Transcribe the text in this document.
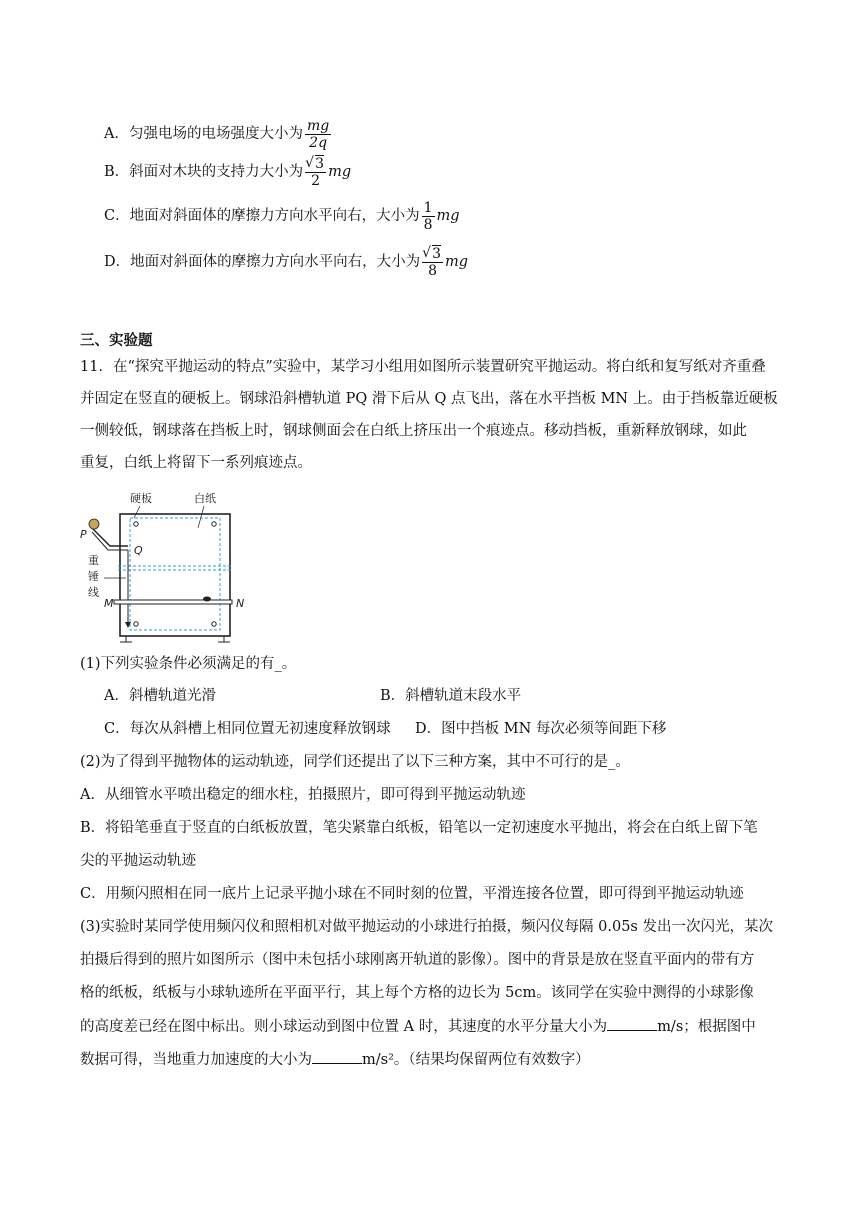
A．匀强电场的电场强度大小为 $\frac{mg}{2q}$
B．斜面对木块的支持力大小为 √ $\frac{3}{2}$ mg
C．地面对斜面体的摩擦力方向水平向右，大小为 $\frac{1}{8}$ mg
D．地面对斜面体的摩擦力方向水平向右，大小为 √ $\frac{3}{8}$ mg
三、实验题
11．在“探究平抛运动的特点”实验中，某学习小组用如图所示装置研究平抛运动。将白纸和复写纸对齐重叠
并固定在竖直的硬板上。钢球沿斜槽轨道 PQ 滑下后从 Q 点飞出，落在水平挡板 MN 上。由于挡板靠近硬板
一侧较低，钢球落在挡板上时，钢球侧面会在白纸上挤压出一个痕迹点。移动挡板，重新释放钢球，如此
重复，白纸上将留下一系列痕迹点。
硬板	白纸
P
Q
重
锤
线
M	N
(1)下列实验条件必须满足的有_。
A．斜槽轨道光滑	B．斜槽轨道末段水平
C．每次从斜槽上相同位置无初速度释放钢球 D．图中挡板 MN 每次必须等间距下移
(2)为了得到平抛物体的运动轨迹，同学们还提出了以下三种方案，其中不可行的是_。
A．从细管水平喷出稳定的细水柱，拍摄照片，即可得到平抛运动轨迹
B．将铅笔垂直于竖直的白纸板放置，笔尖紧靠白纸板，铅笔以一定初速度水平抛出，将会在白纸上留下笔
尖的平抛运动轨迹
C．用频闪照相在同一底片上记录平抛小球在不同时刻的位置，平滑连接各位置，即可得到平抛运动轨迹
(3)实验时某同学使用频闪仪和照相机对做平抛运动的小球进行拍摄，频闪仪每隔 0.05s 发出一次闪光，某次
拍摄后得到的照片如图所示（图中未包括小球刚离开轨道的影像）。图中的背景是放在竖直平面内的带有方
格的纸板，纸板与小球轨迹所在平面平行，其上每个方格的边长为 5cm。该同学在实验中测得的小球影像
的高度差已经在图中标出。则小球运动到图中位置 A 时，其速度的水平分量大小为	m/s；根据图中
数据可得，当地重力加速度的大小为	m/s²。（结果均保留两位有效数字）
